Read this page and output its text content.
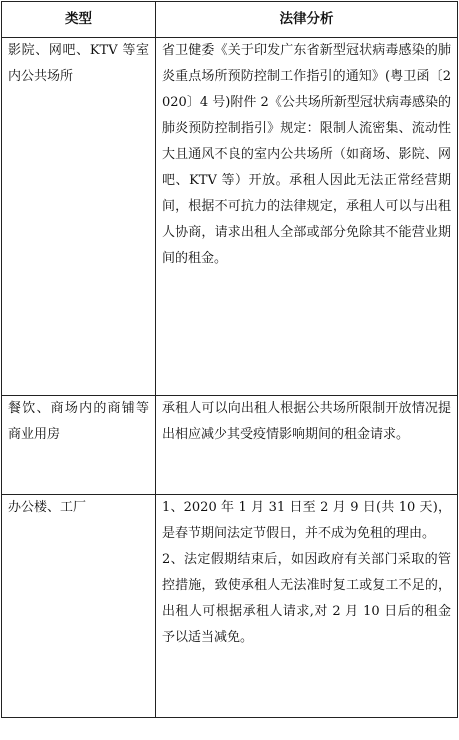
类型	法律分析
影院、网吧、KTV 等室内公共场所	省卫健委《关于印发广东省新型冠状病毒感染的肺炎重点场所预防控制工作指引的通知》(粤卫函〔2020〕4 号)附件 2《公共场所新型冠状病毒感染的肺炎预防控制指引》规定：限制人流密集、流动性大且通风不良的室内公共场所（如商场、影院、网吧、KTV 等）开放。承租人因此无法正常经营期间，根据不可抗力的法律规定，承租人可以与出租人协商，请求出租人全部或部分免除其不能营业期间的租金。

餐饮、商场内的商铺等商业用房	承租人可以向出租人根据公共场所限制开放情况提出相应减少其受疫情影响期间的租金请求。

办公楼、工厂	1、2020 年 1 月 31 日至 2 月 9 日(共 10 天)，是春节期间法定节假日，并不成为免租的理由。
2、法定假期结束后，如因政府有关部门采取的管控措施，致使承租人无法准时复工或复工不足的，出租人可根据承租人请求,对 2 月 10 日后的租金予以适当减免。
